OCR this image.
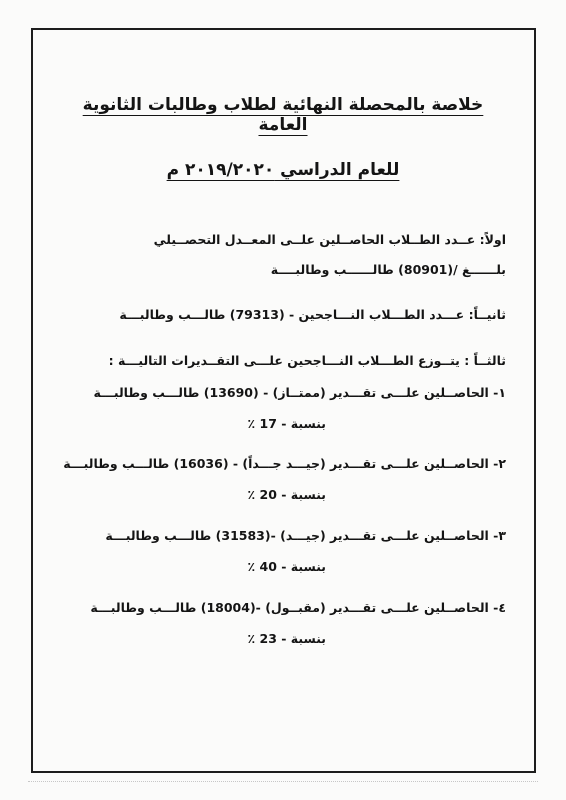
خلاصة بالمحصلة النهائية لطلاب وطالبات الثانوية العامة

للعام الدراسي ٢٠١٩/٢٠٢٠ م

اولاً: عــدد الطــلاب الحاصــلين علــى المعــدل التحصــيلي

بلــــــغ /(80901) طالــــــب وطالبــــة

ثانيــاً: عـــدد الطـــلاب النـــاجحين - (79313) طالـــب وطالبـــة

ثالثــاً : يتــوزع الطـــلاب النـــاجحين علـــى التقــديرات التاليـــة :

١- الحاصــلين علـــى تقـــدير (ممتــاز) - (13690) طالـــب وطالبـــة

بنسبة - 17 ٪

٢- الحاصــلين علـــى تقـــدير (جيـــد جـــداً) - (16036) طالـــب وطالبـــة

بنسبة - 20 ٪

٣- الحاصــلين علـــى تقـــدير (جيـــد) -(31583) طالـــب وطالبـــة

بنسبة - 40 ٪

٤- الحاصــلين علـــى تقـــدير (مقبــول) -(18004) طالـــب وطالبـــة

بنسبة - 23 ٪
